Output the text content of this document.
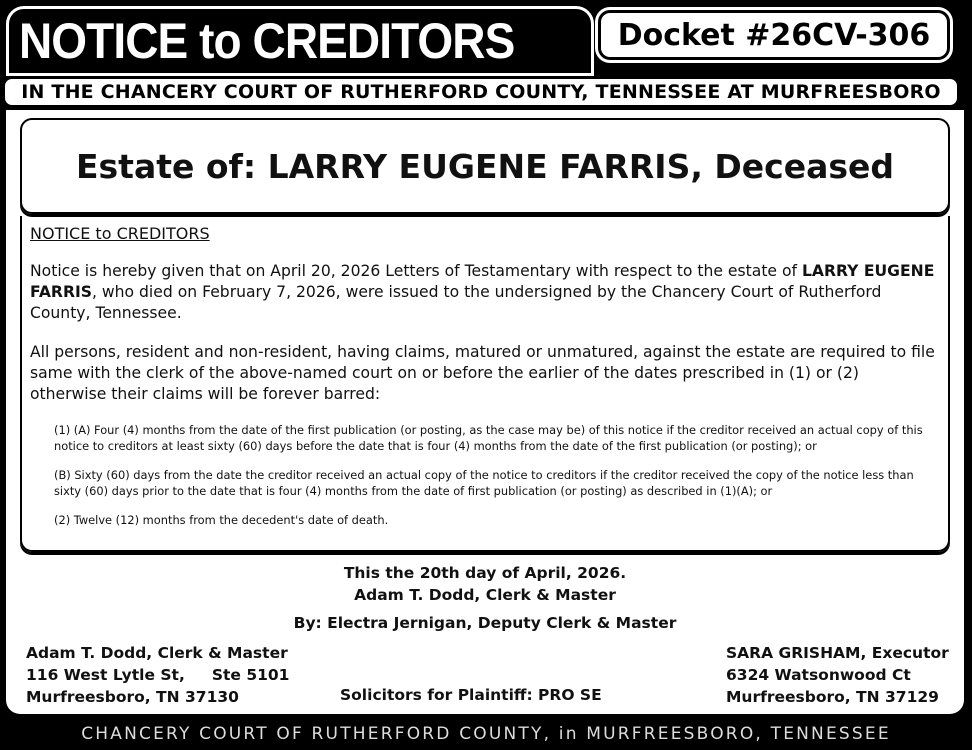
NOTICE to CREDITORS	Docket #26CV-306
IN THE CHANCERY COURT OF RUTHERFORD COUNTY, TENNESSEE AT MURFREESBORO
Estate of: LARRY EUGENE FARRIS, Deceased
NOTICE to CREDITORS

Notice is hereby given that on April 20, 2026 Letters of Testamentary with respect to the estate of LARRY EUGENE FARRIS, who died on February 7, 2026, were issued to the undersigned by the Chancery Court of Rutherford County, Tennessee.

All persons, resident and non-resident, having claims, matured or unmatured, against the estate are required to file same with the clerk of the above-named court on or before the earlier of the dates prescribed in (1) or (2) otherwise their claims will be forever barred:

(1) (A) Four (4) months from the date of the first publication (or posting, as the case may be) of this notice if the creditor received an actual copy of this notice to creditors at least sixty (60) days before the date that is four (4) months from the date of the first publication (or posting); or

(B) Sixty (60) days from the date the creditor received an actual copy of the notice to creditors if the creditor received the copy of the notice less than sixty (60) days prior to the date that is four (4) months from the date of first publication (or posting) as described in (1)(A); or

(2) Twelve (12) months from the decedent's date of death.

This the 20th day of April, 2026.
Adam T. Dodd, Clerk & Master
By: Electra Jernigan, Deputy Clerk & Master
Adam T. Dodd, Clerk & Master
116 West Lytle St,     Ste 5101
Murfreesboro, TN 37130	Solicitors for Plaintiff: PRO SE
SARA GRISHAM, Executor
6324 Watsonwood Ct
Murfreesboro, TN 37129
CHANCERY COURT OF RUTHERFORD COUNTY, in MURFREESBORO, TENNESSEE
